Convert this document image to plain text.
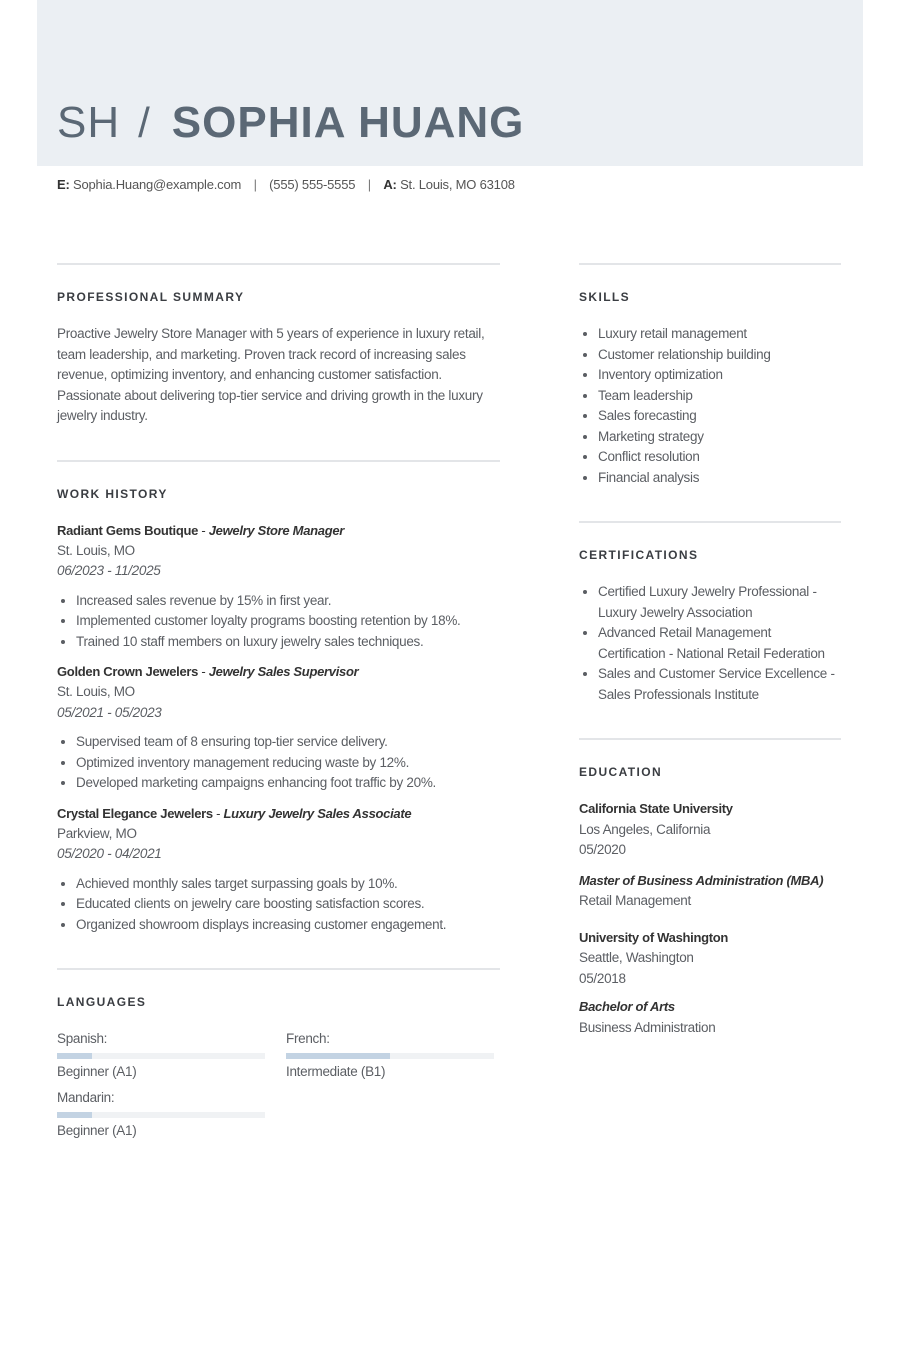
SH / SOPHIA HUANG
E: Sophia.Huang@example.com | (555) 555-5555 | A: St. Louis, MO 63108
PROFESSIONAL SUMMARY

Proactive Jewelry Store Manager with 5 years of experience in luxury retail, team leadership, and marketing. Proven track record of increasing sales revenue, optimizing inventory, and enhancing customer satisfaction. Passionate about delivering top-tier service and driving growth in the luxury jewelry industry.

WORK HISTORY
Radiant Gems Boutique - Jewelry Store Manager
St. Louis, MO
06/2023 - 11/2025
Increased sales revenue by 15% in first year.
Implemented customer loyalty programs boosting retention by 18%.
Trained 10 staff members on luxury jewelry sales techniques.
Golden Crown Jewelers - Jewelry Sales Supervisor
St. Louis, MO
05/2021 - 05/2023
Supervised team of 8 ensuring top-tier service delivery.
Optimized inventory management reducing waste by 12%.
Developed marketing campaigns enhancing foot traffic by 20%.
Crystal Elegance Jewelers - Luxury Jewelry Sales Associate
Parkview, MO
05/2020 - 04/2021
Achieved monthly sales target surpassing goals by 10%.
Educated clients on jewelry care boosting satisfaction scores.
Organized showroom displays increasing customer engagement.
LANGUAGES
Spanish:
Beginner (A1)
French:
Intermediate (B1)
Mandarin:
Beginner (A1)
SKILLS
Luxury retail management
Customer relationship building
Inventory optimization
Team leadership
Sales forecasting
Marketing strategy
Conflict resolution
Financial analysis
CERTIFICATIONS
Certified Luxury Jewelry Professional - Luxury Jewelry Association
Advanced Retail Management Certification - National Retail Federation
Sales and Customer Service Excellence - Sales Professionals Institute
EDUCATION
California State University
Los Angeles, California
05/2020
Master of Business Administration (MBA)
Retail Management
University of Washington
Seattle, Washington
05/2018
Bachelor of Arts
Business Administration
